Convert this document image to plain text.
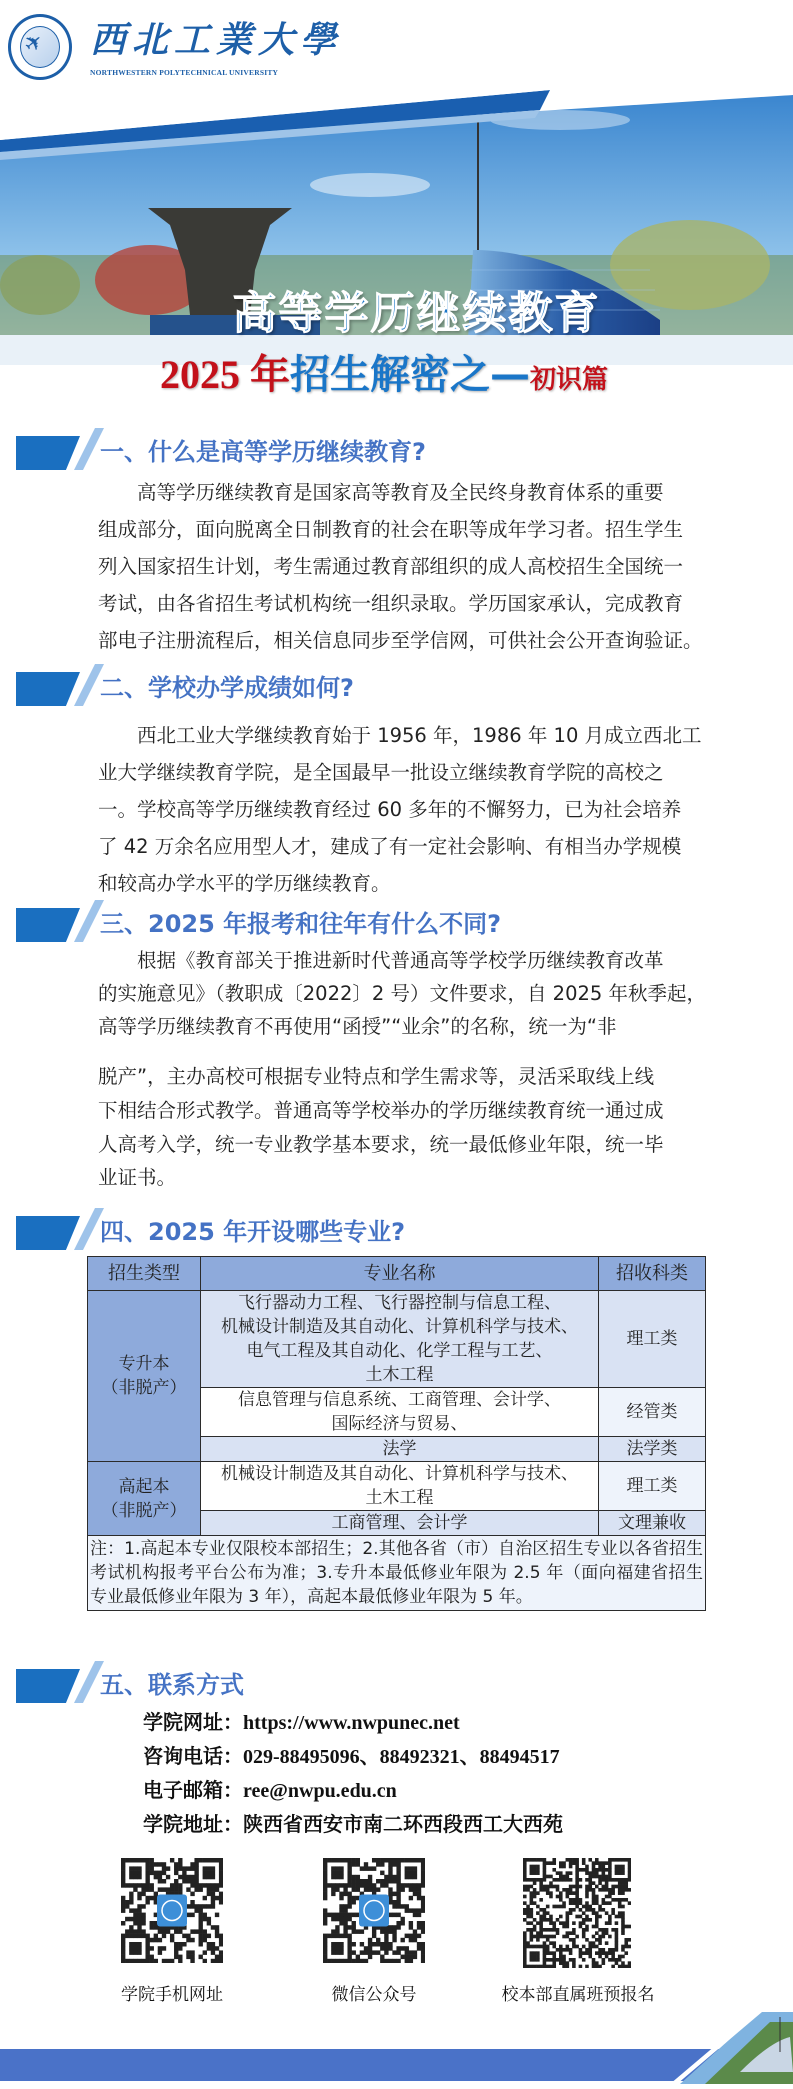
✈ 西北工業大學
NORTHWESTERN POLYTECHNICAL UNIVERSITY
高等学历继续教育
2025 年招生解密之—初识篇
一、什么是高等学历继续教育?
　　高等学历继续教育是国家高等教育及全民终身教育体系的重要
组成部分，面向脱离全日制教育的社会在职等成年学习者。招生学生
列入国家招生计划，考生需通过教育部组织的成人高校招生全国统一
考试，由各省招生考试机构统一组织录取。学历国家承认，完成教育
部电子注册流程后，相关信息同步至学信网，可供社会公开查询验证。
二、学校办学成绩如何?
　　西北工业大学继续教育始于 1956 年，1986 年 10 月成立西北工
业大学继续教育学院，是全国最早一批设立继续教育学院的高校之
一。学校高等学历继续教育经过 60 多年的不懈努力，已为社会培养
了 42 万余名应用型人才，建成了有一定社会影响、有相当办学规模
和较高办学水平的学历继续教育。
三、2025 年报考和往年有什么不同?
　　根据《教育部关于推进新时代普通高等学校学历继续教育改革
的实施意见》（教职成〔2022〕2 号）文件要求，自 2025 年秋季起，
高等学历继续教育不再使用“函授”“业余”的名称，统一为“非
脱产”，主办高校可根据专业特点和学生需求等，灵活采取线上线
下相结合形式教学。普通高等学校举办的学历继续教育统一通过成
人高考入学，统一专业教学基本要求，统一最低修业年限，统一毕
业证书。
四、2025 年开设哪些专业?
招生类型	专业名称	招收科类
专升本
（非脱产）	飞行器动力工程、飞行器控制与信息工程、
机械设计制造及其自动化、计算机科学与技术、
电气工程及其自动化、化学工程与工艺、
土木工程	理工类
	信息管理与信息系统、工商管理、会计学、
国际经济与贸易、	经管类
	法学	法学类
高起本
（非脱产）	机械设计制造及其自动化、计算机科学与技术、
土木工程	理工类
	工商管理、会计学	文理兼收
注：1.高起本专业仅限校本部招生；2.其他各省（市）自治区招生专业以各省招生考试机构报考平台公布为准；3.专升本最低修业年限为 2.5 年（面向福建省招生专业最低修业年限为 3 年），高起本最低修业年限为 5 年。		
五、联系方式
学院网址：https://www.nwpunec.net
咨询电话：029-88495096、88492321、88494517
电子邮箱：ree@nwpu.edu.cn
学院地址：陕西省西安市南二环西段西工大西苑
学院手机网址	微信公众号	校本部直属班预报名
